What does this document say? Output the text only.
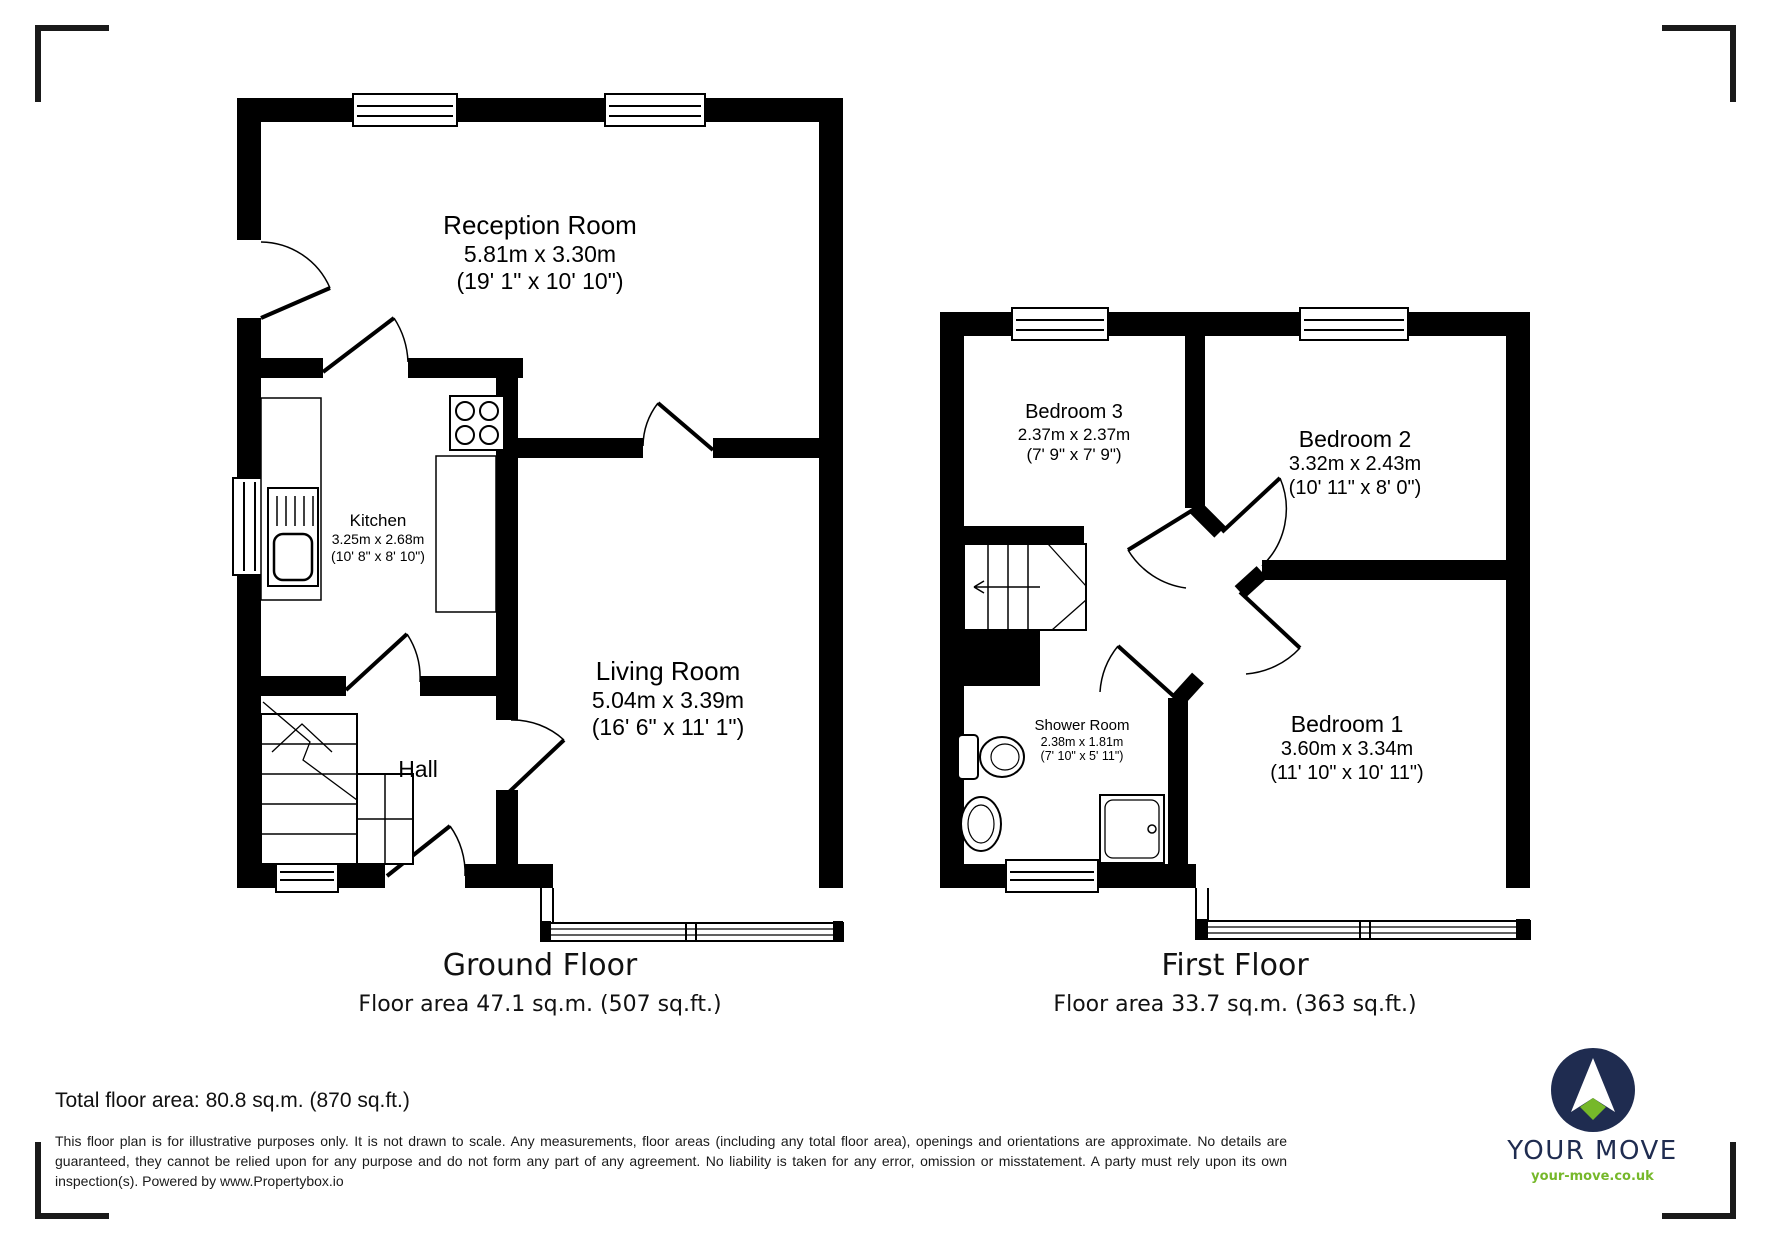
Reception Room
5.81m x 3.30m
(19' 1" x 10' 10")
Kitchen
3.25m x 2.68m
(10' 8" x 8' 10")
Living Room
5.04m x 3.39m
(16' 6" x 11' 1")
Hall
Bedroom 3
2.37m x 2.37m
(7' 9" x 7' 9")
Bedroom 2
3.32m x 2.43m
(10' 11" x 8' 0")
Bedroom 1
3.60m x 3.34m
(11' 10" x 10' 11")
Shower Room
2.38m x 1.81m
(7' 10" x 5' 11")
Ground Floor
Floor area 47.1 sq.m. (507 sq.ft.)
First Floor
Floor area 33.7 sq.m. (363 sq.ft.)
Total floor area: 80.8 sq.m. (870 sq.ft.)
This floor plan is for illustrative purposes only. It is not drawn to scale. Any measurements, floor areas (including any total floor area), openings and orientations are approximate. No details are
guaranteed, they cannot be relied upon for any purpose and do not form any part of any agreement. No liability is taken for any error, omission or misstatement. A party must rely upon its own
inspection(s). Powered by www.Propertybox.io
YOUR MOVE
your-move.co.uk
